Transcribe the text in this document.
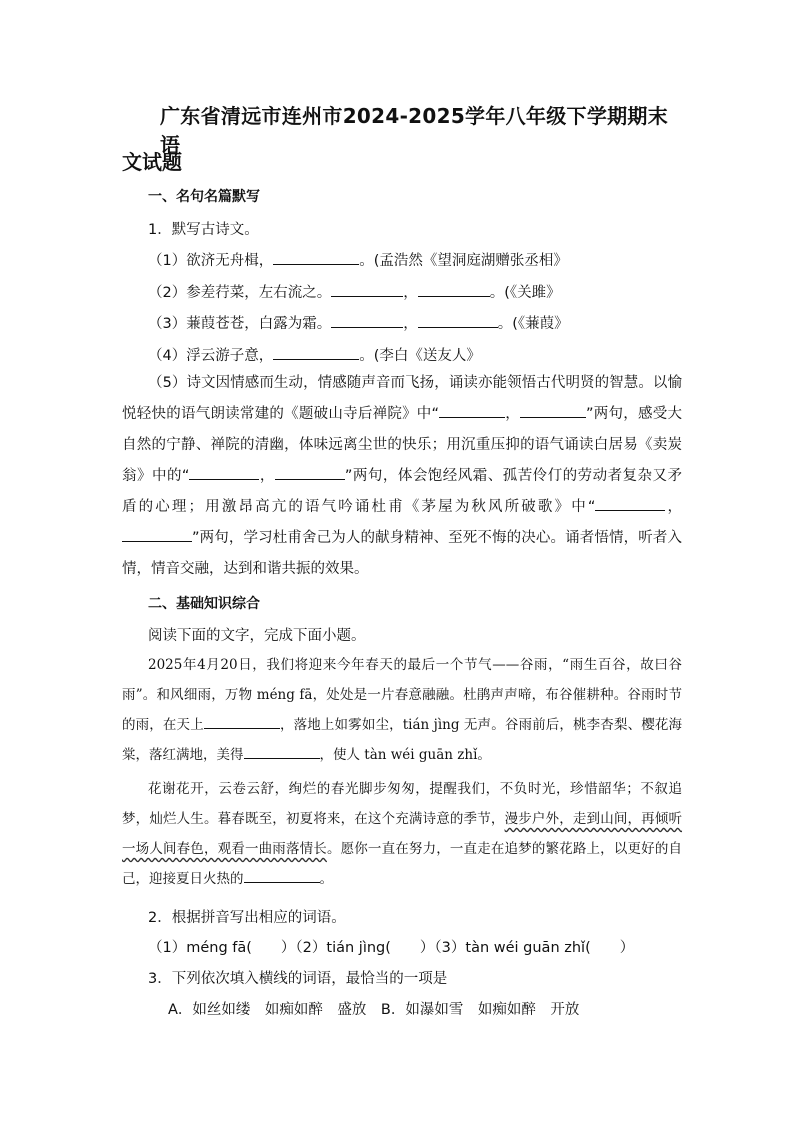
广东省清远市连州市2024-2025学年八年级下学期期末语
文试题
一、名句名篇默写
1．默写古诗文。
（1）欲济无舟楫，	。(孟浩然《望洞庭湖赠张丞相》
（2）参差荇菜，左右流之。	，	。(《关雎》
（3）蒹葭苍苍，白露为霜。	，	。(《蒹葭》
（4）浮云游子意，	。(李白《送友人》
（5）诗文因情感而生动，情感随声音而飞扬，诵读亦能领悟古代明贤的智慧。以愉悦轻快的语气朗读常建的《题破山寺后禅院》中“	，	”两句，感受大自然的宁静、禅院的清幽，体味远离尘世的快乐；用沉重压抑的语气诵读白居易《卖炭翁》中的“	，	”两句，体会饱经风霜、孤苦伶仃的劳动者复杂又矛盾的心理；用激昂高亢的语气吟诵杜甫《茅屋为秋风所破歌》中“	，”两句，学习杜甫舍己为人的献身精神、至死不悔的决心。诵者悟情，听者入情，情音交融，达到和谐共振的效果。
二、基础知识综合
阅读下面的文字，完成下面小题。
2025年4月20日，我们将迎来今年春天的最后一个节气——谷雨，“雨生百谷，故曰谷雨”。和风细雨，万物 méng fā，处处是一片春意融融。杜鹃声声啼，布谷催耕种。谷雨时节的雨，在天上	，落地上如雾如尘，tián jìng 无声。谷雨前后，桃李杏梨、樱花海棠，落红满地，美得	，使人 tàn wéi guān zhǐ。
花谢花开，云卷云舒，绚烂的春光脚步匆匆，提醒我们，不负时光，珍惜韶华；不叙追梦，灿烂人生。暮春既至，初夏将来，在这个充满诗意的季节，漫步户外，走到山间，再倾听一场人间春色，观看一曲雨落情长。愿你一直在努力，一直走在追梦的繁花路上，以更好的自己，迎接夏日火热的	。
2．根据拼音写出相应的词语。
（1）méng fā(　　）（2）tián jìng(　　）（3）tàn wéi guān zhǐ(　　）
3．下列依次填入横线的词语，最恰当的一项是
A．如丝如缕　如痴如醉　盛放　B．如瀑如雪　如痴如醉　开放
